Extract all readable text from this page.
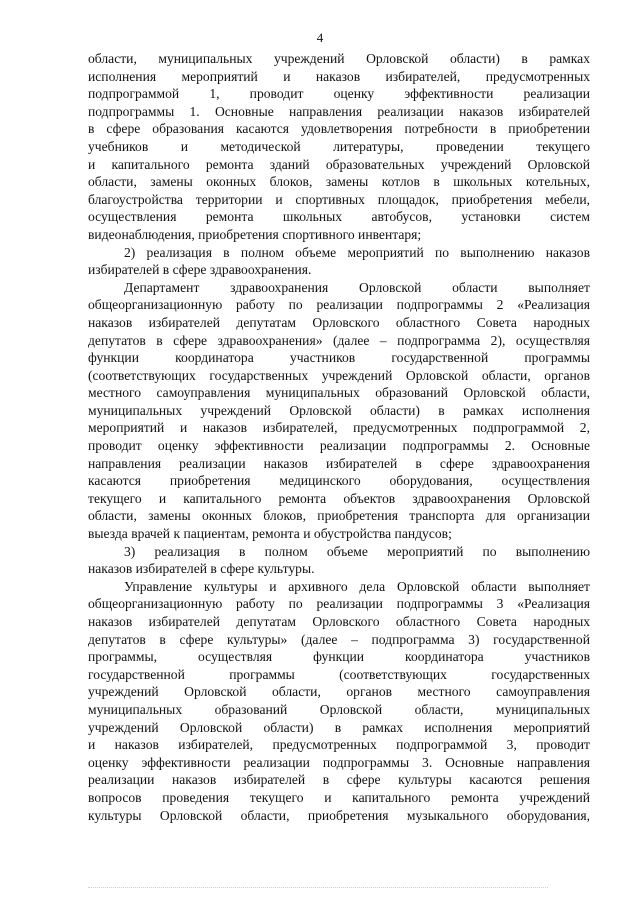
4
области, муниципальных учреждений Орловской области) в рамках
исполнения мероприятий и наказов избирателей, предусмотренных
подпрограммой 1, проводит оценку эффективности реализации
подпрограммы 1. Основные направления реализации наказов избирателей
в сфере образования касаются удовлетворения потребности в приобретении
учебников и методической литературы, проведении текущего
и капитального ремонта зданий образовательных учреждений Орловской
области, замены оконных блоков, замены котлов в школьных котельных,
благоустройства территории и спортивных площадок, приобретения мебели,
осуществления ремонта школьных автобусов, установки систем
видеонаблюдения, приобретения спортивного инвентаря;
2) реализация в полном объеме мероприятий по выполнению наказов
избирателей в сфере здравоохранения.
Департамент здравоохранения Орловской области выполняет
общеорганизационную работу по реализации подпрограммы 2 «Реализация
наказов избирателей депутатам Орловского областного Совета народных
депутатов в сфере здравоохранения» (далее – подпрограмма 2), осуществляя
функции координатора участников государственной программы
(соответствующих государственных учреждений Орловской области, органов
местного самоуправления муниципальных образований Орловской области,
муниципальных учреждений Орловской области) в рамках исполнения
мероприятий и наказов избирателей, предусмотренных подпрограммой 2,
проводит оценку эффективности реализации подпрограммы 2. Основные
направления реализации наказов избирателей в сфере здравоохранения
касаются приобретения медицинского оборудования, осуществления
текущего и капитального ремонта объектов здравоохранения Орловской
области, замены оконных блоков, приобретения транспорта для организации
выезда врачей к пациентам, ремонта и обустройства пандусов;
3) реализация в полном объеме мероприятий по выполнению
наказов избирателей в сфере культуры.
Управление культуры и архивного дела Орловской области выполняет
общеорганизационную работу по реализации подпрограммы 3 «Реализация
наказов избирателей депутатам Орловского областного Совета народных
депутатов в сфере культуры» (далее – подпрограмма 3) государственной
программы, осуществляя функции координатора участников
государственной программы (соответствующих государственных
учреждений Орловской области, органов местного самоуправления
муниципальных образований Орловской области, муниципальных
учреждений Орловской области) в рамках исполнения мероприятий
и наказов избирателей, предусмотренных подпрограммой 3, проводит
оценку эффективности реализации подпрограммы 3. Основные направления
реализации наказов избирателей в сфере культуры касаются решения
вопросов проведения текущего и капитального ремонта учреждений
культуры Орловской области, приобретения музыкального оборудования,
